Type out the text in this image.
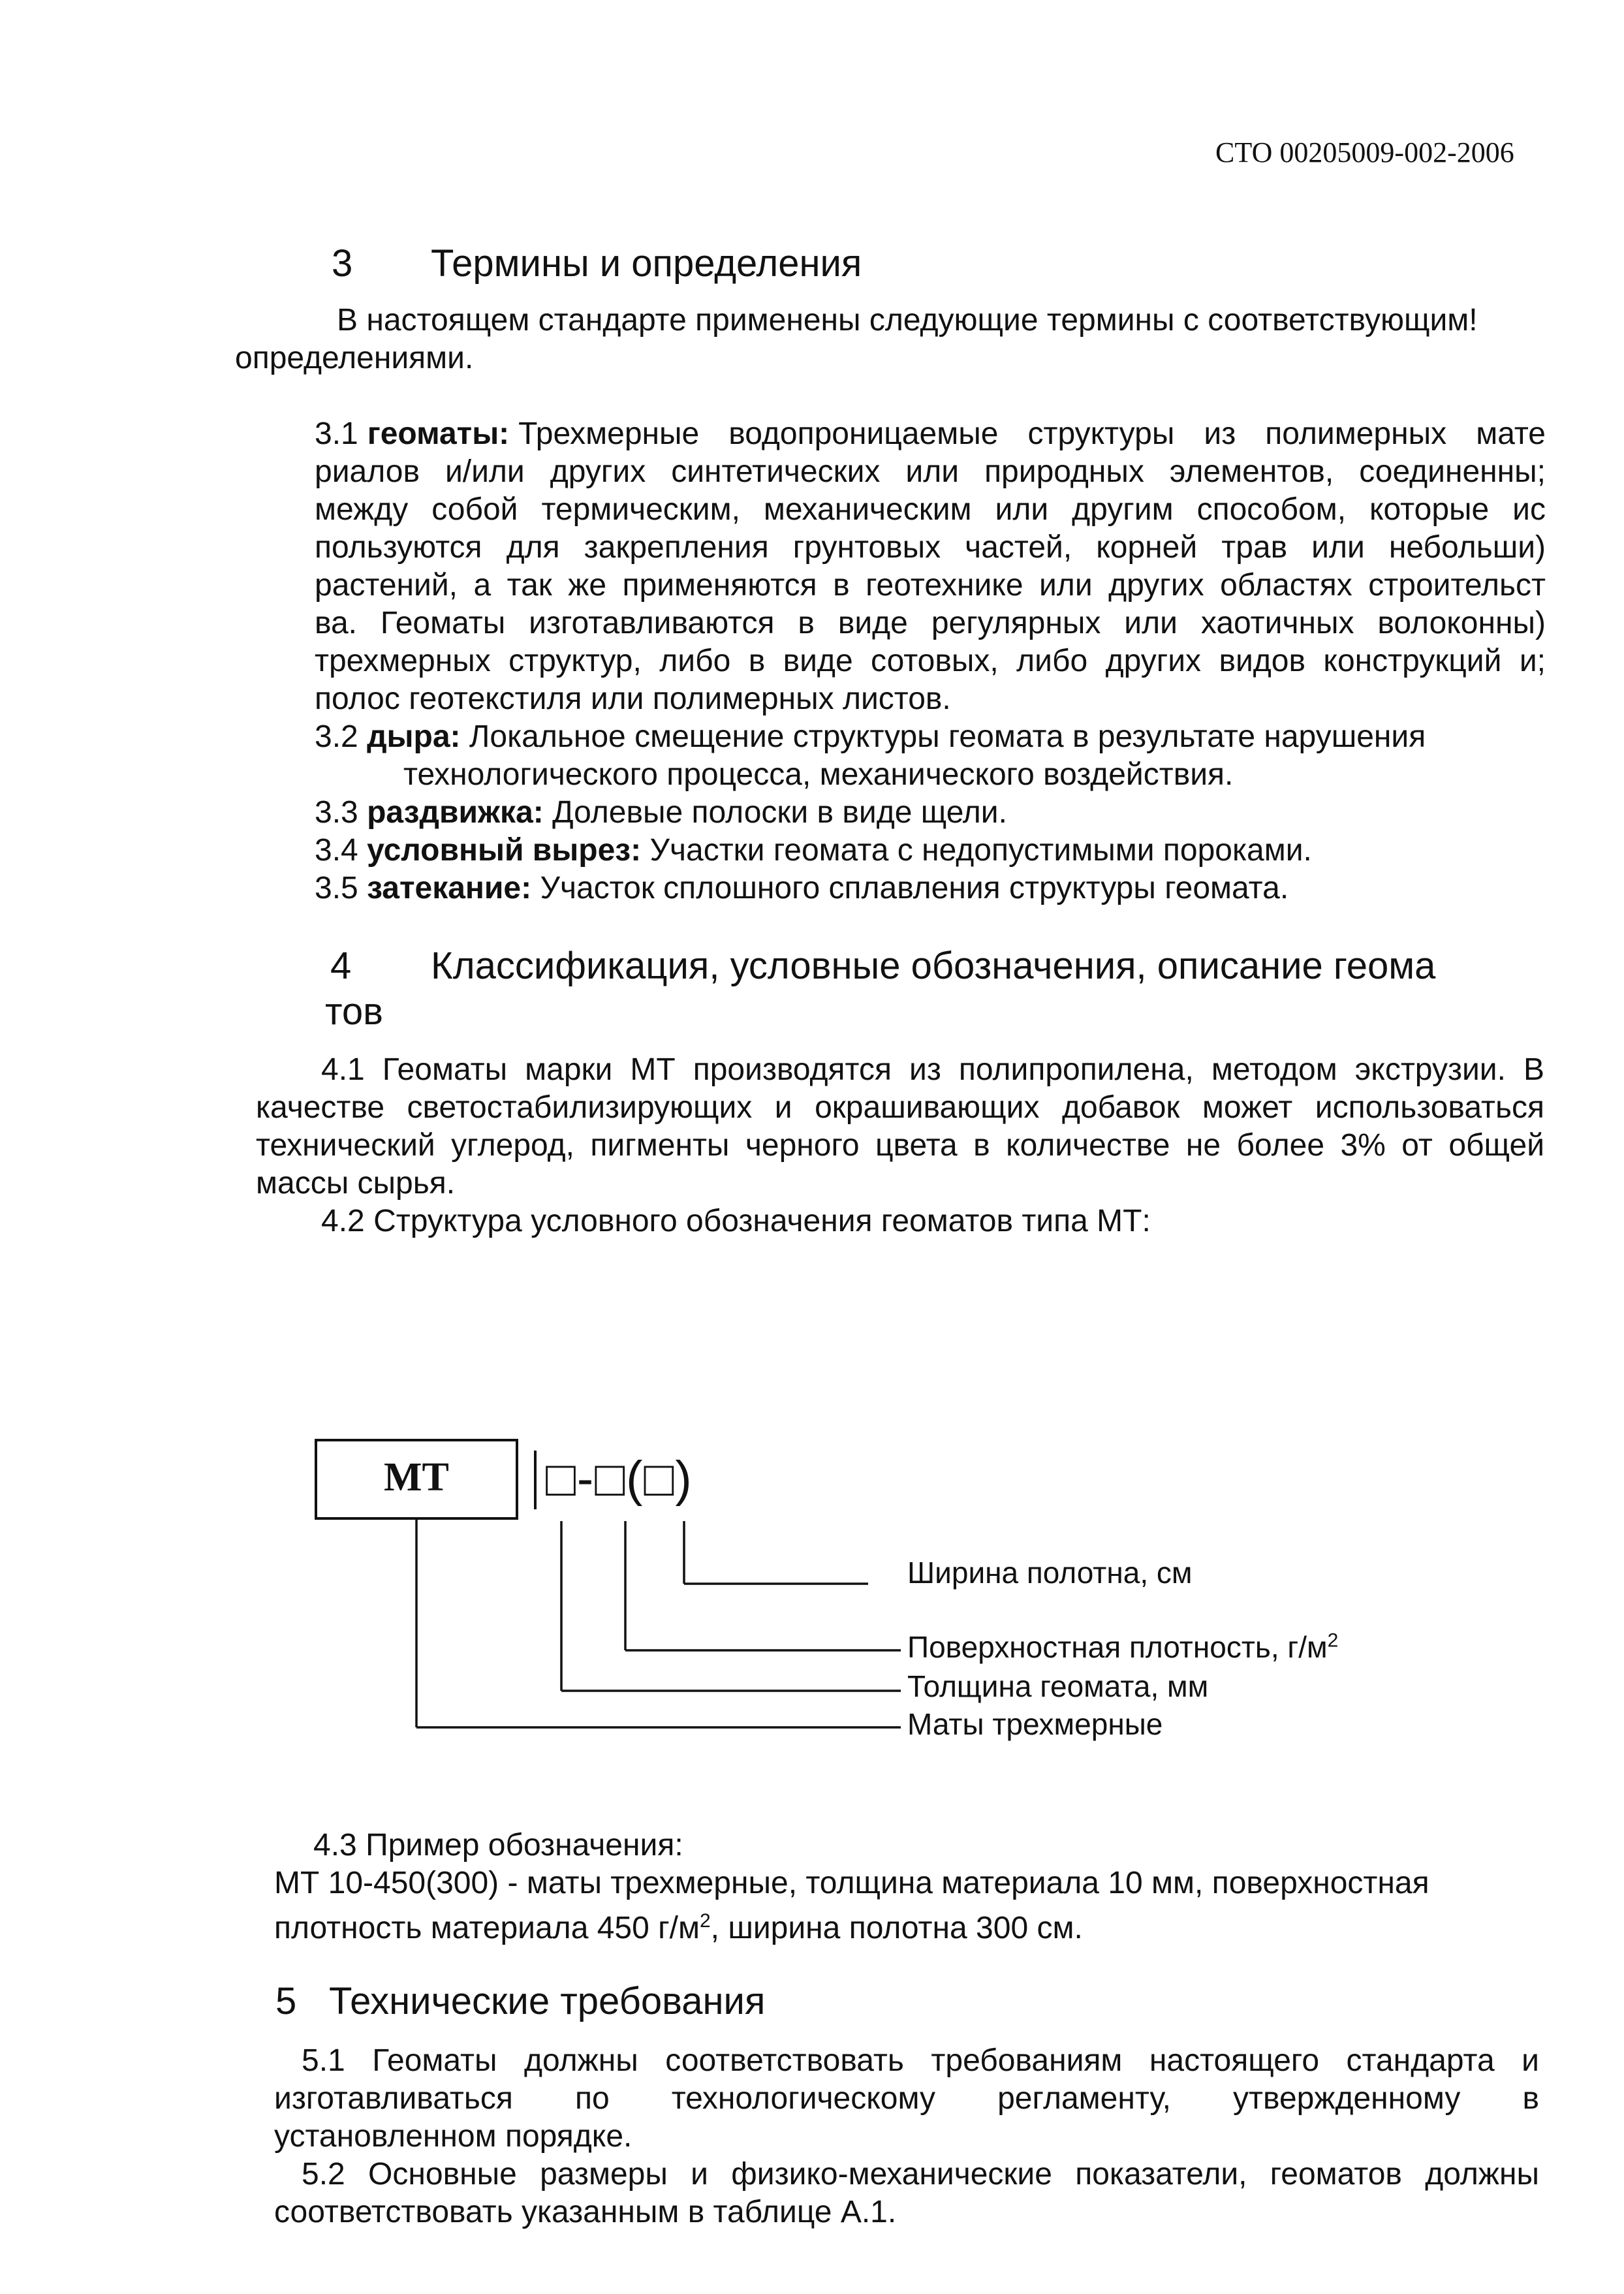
СТО 00205009-002-2006
3 Термины и определения
В настоящем стандарте применены следующие термины с соответствующим!
определениями.
3.1 геоматы: Трехмерные водопроницаемые структуры из полимерных мате
риалов и/или других синтетических или природных элементов, соединенны;
между собой термическим, механическим или другим способом, которые ис
пользуются для закрепления грунтовых частей, корней трав или небольши)
растений, а так же применяются в геотехнике или других областях строительст
ва. Геоматы изготавливаются в виде регулярных или хаотичных волоконны)
трехмерных структур, либо в виде сотовых, либо других видов конструкций и;
полос геотекстиля или полимерных листов.
3.2 дыра: Локальное смещение структуры геомата в результате нарушения
технологического процесса, механического воздействия.
3.3 раздвижка: Долевые полоски в виде щели.
3.4 условный вырез: Участки геомата с недопустимыми пороками.
3.5 затекание: Участок сплошного сплавления структуры геомата.
4 Классификация, условные обозначения, описание геома
тов
4.1 Геоматы марки МТ производятся из полипропилена, методом экструзии. В
качестве светостабилизирующих и окрашивающих добавок может использоваться
технический углерод, пигменты черного цвета в количестве не более 3% от общей
массы сырья.
4.2 Структура условного обозначения геоматов типа МТ:
МТ □-□(□)
Ширина полотна, см
Поверхностная плотность, $г/м^2$
Толщина геомата, мм
Маты трехмерные
4.3 Пример обозначения:
МТ 10-450(300) - маты трехмерные, толщина материала 10 мм, поверхностная
плотность материала 450 $г/м^2$, ширина полотна 300 см.
5 Технические требования
5.1 Геоматы должны соответствовать требованиям настоящего стандарта и
изготавливаться по технологическому регламенту, утвержденному в
установленном порядке.
5.2 Основные размеры и физико-механические показатели, геоматов должны
соответствовать указанным в таблице А.1.
